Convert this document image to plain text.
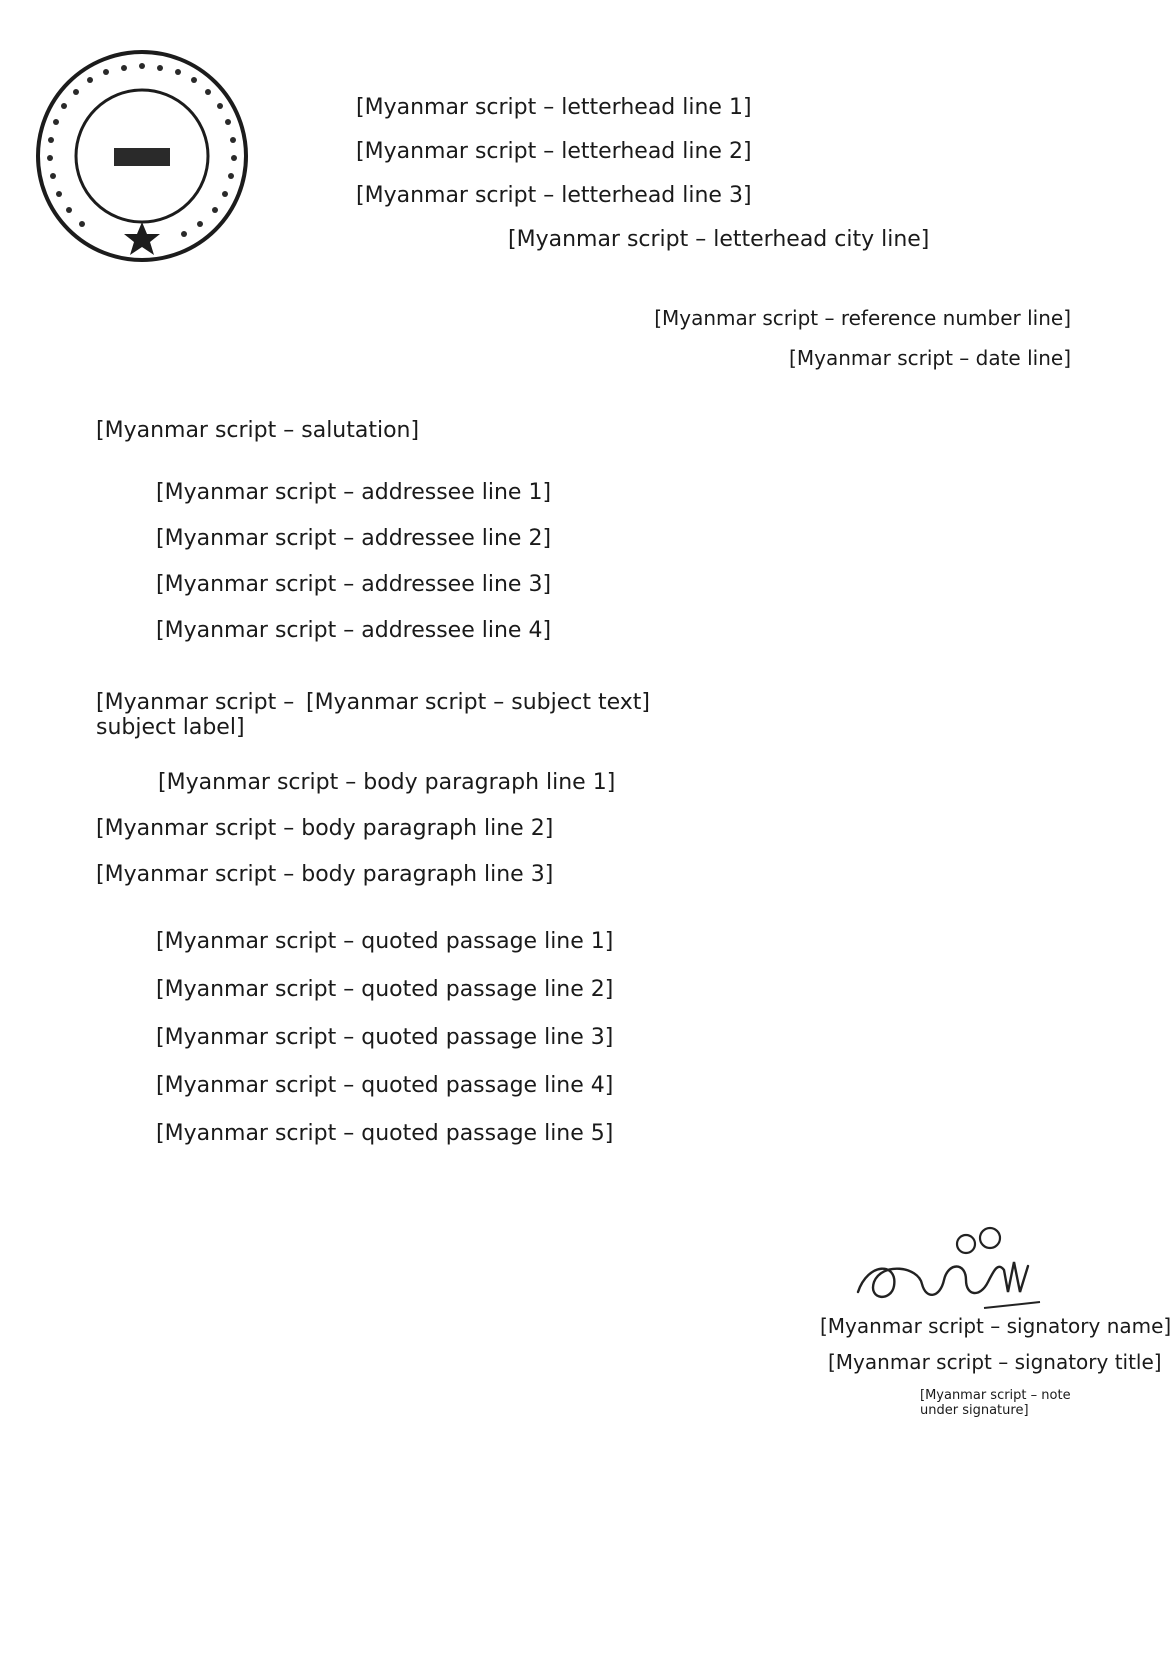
[Myanmar script – letterhead line 1]
[Myanmar script – letterhead line 2]
[Myanmar script – letterhead line 3]
[Myanmar script – letterhead city line]
[Myanmar script – reference number line]
[Myanmar script – date line]
[Myanmar script – salutation]
[Myanmar script – addressee line 1]
[Myanmar script – addressee line 2]
[Myanmar script – addressee line 3]
[Myanmar script – addressee line 4]
[Myanmar script – subject label]
[Myanmar script – subject text]
[Myanmar script – body paragraph line 1]
[Myanmar script – body paragraph line 2]
[Myanmar script – body paragraph line 3]
[Myanmar script – quoted passage line 1]
[Myanmar script – quoted passage line 2]
[Myanmar script – quoted passage line 3]
[Myanmar script – quoted passage line 4]
[Myanmar script – quoted passage line 5]
[Myanmar script – signatory name]
[Myanmar script – signatory title]
[Myanmar script – note under signature]
